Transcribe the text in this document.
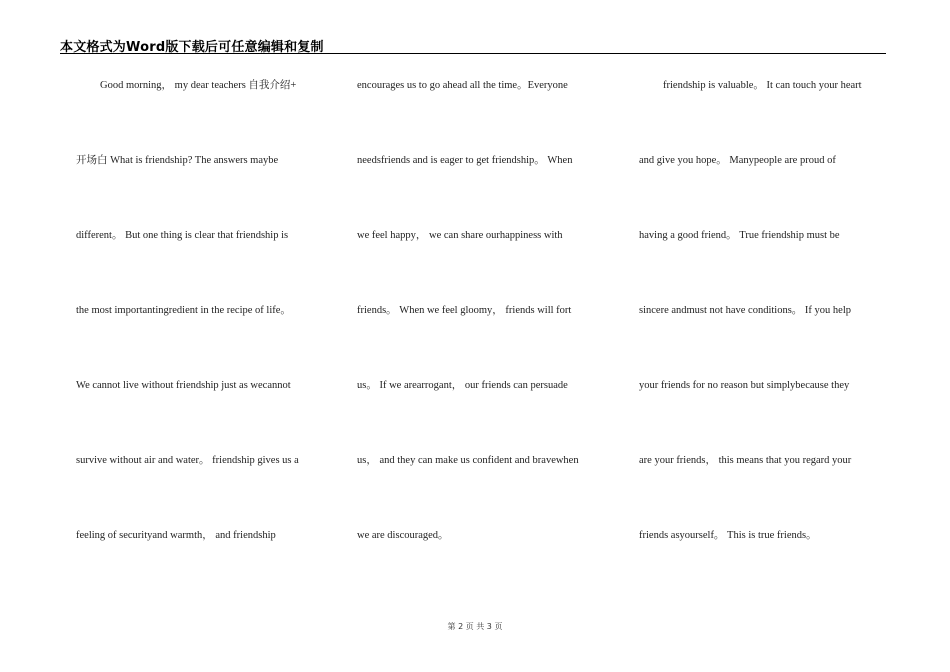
本文格式为Word版下载后可任意编辑和复制
Good morning， my dear teachers 自我介绍+
开场白 What is friendship? The answers maybe
different。 But one thing is clear that friendship is
the most importantingredient in the recipe of life。
We cannot live without friendship just as wecannot
survive without air and water。 friendship gives us a
feeling of securityand warmth， and friendship
encourages us to go ahead all the time。Everyone
needsfriends and is eager to get friendship。 When
we feel happy， we can share ourhappiness with
friends。 When we feel gloomy， friends will fort
us。 If we arearrogant， our friends can persuade
us， and they can make us confident and bravewhen
we are discouraged。
friendship is valuable。 It can touch your heart
and give you hope。 Manypeople are proud of
having a good friend。 True friendship must be
sincere andmust not have conditions。 If you help
your friends for no reason but simplybecause they
are your friends， this means that you regard your
friends asyourself。 This is true friends。
第 2 页 共 3 页
